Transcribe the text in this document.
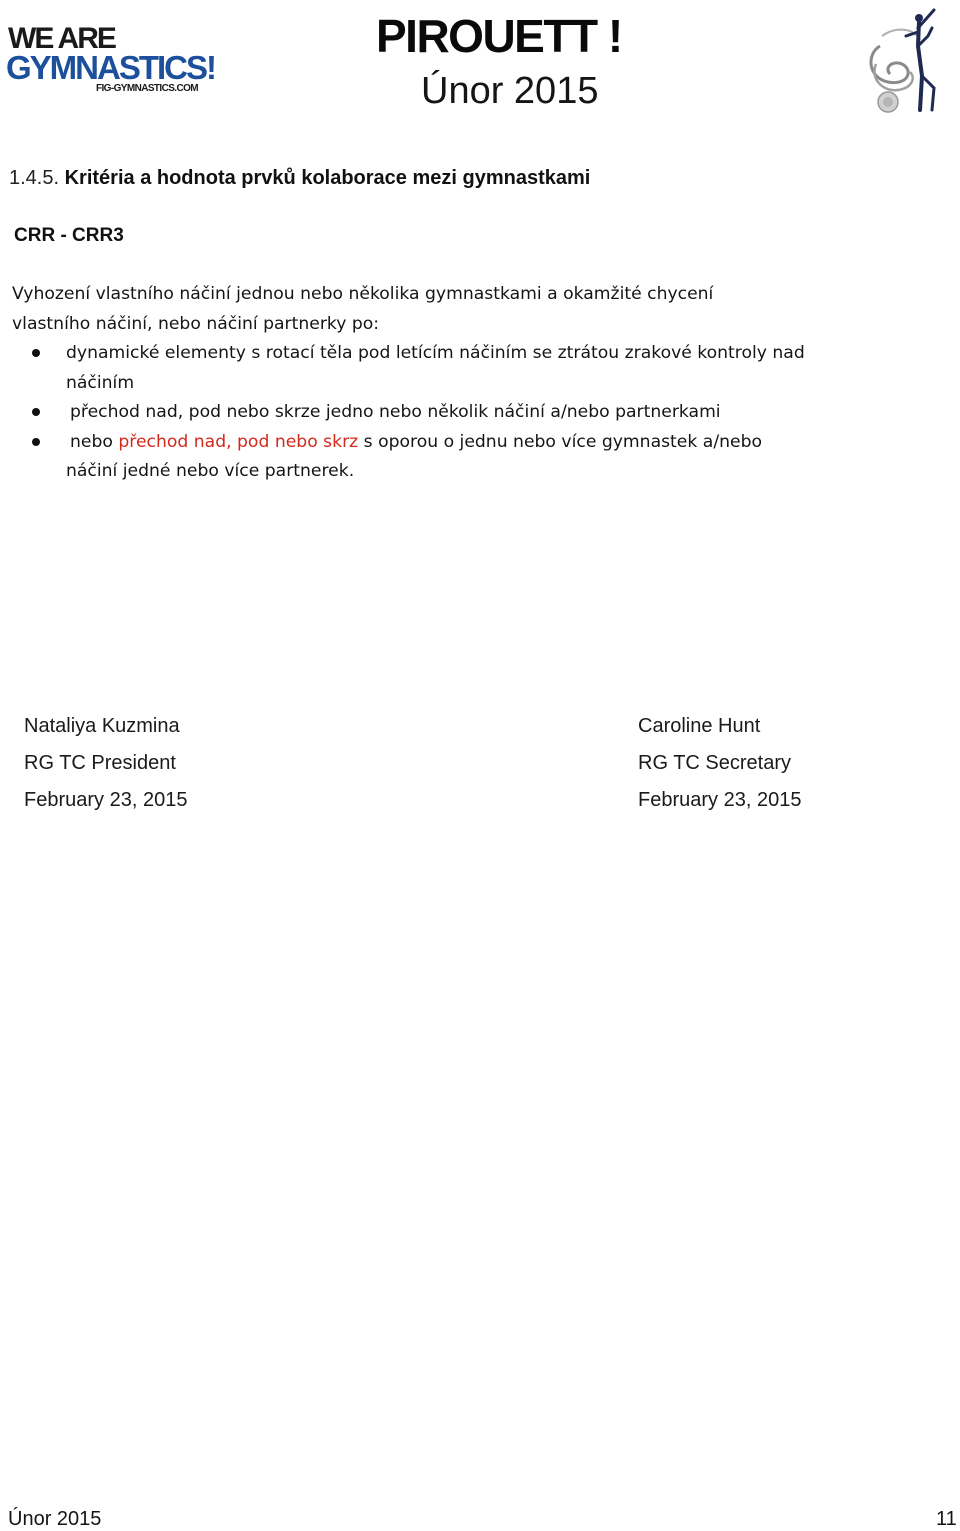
WE ARE
GYMNASTICS!
FIG-GYMNASTICS.COM
PIROUETT !
Únor 2015
1.4.5. Kritéria a hodnota prvků kolaborace mezi gymnastkami
CRR - CRR3
Vyhození vlastního náčiní jednou nebo několika gymnastkami a okamžité chycení
vlastního náčiní, nebo náčiní partnerky po:
dynamické elementy s rotací těla pod letícím náčiním se ztrátou zrakové kontroly nad
náčiním
přechod nad, pod nebo skrze jedno nebo několik náčiní a/nebo partnerkami
nebo přechod nad, pod nebo skrz s oporou o jednu nebo více gymnastek a/nebo
náčiní jedné nebo více partnerek.
Nataliya Kuzmina
RG TC President
February 23, 2015
Caroline Hunt
RG TC Secretary
February 23, 2015
Únor 2015	11
